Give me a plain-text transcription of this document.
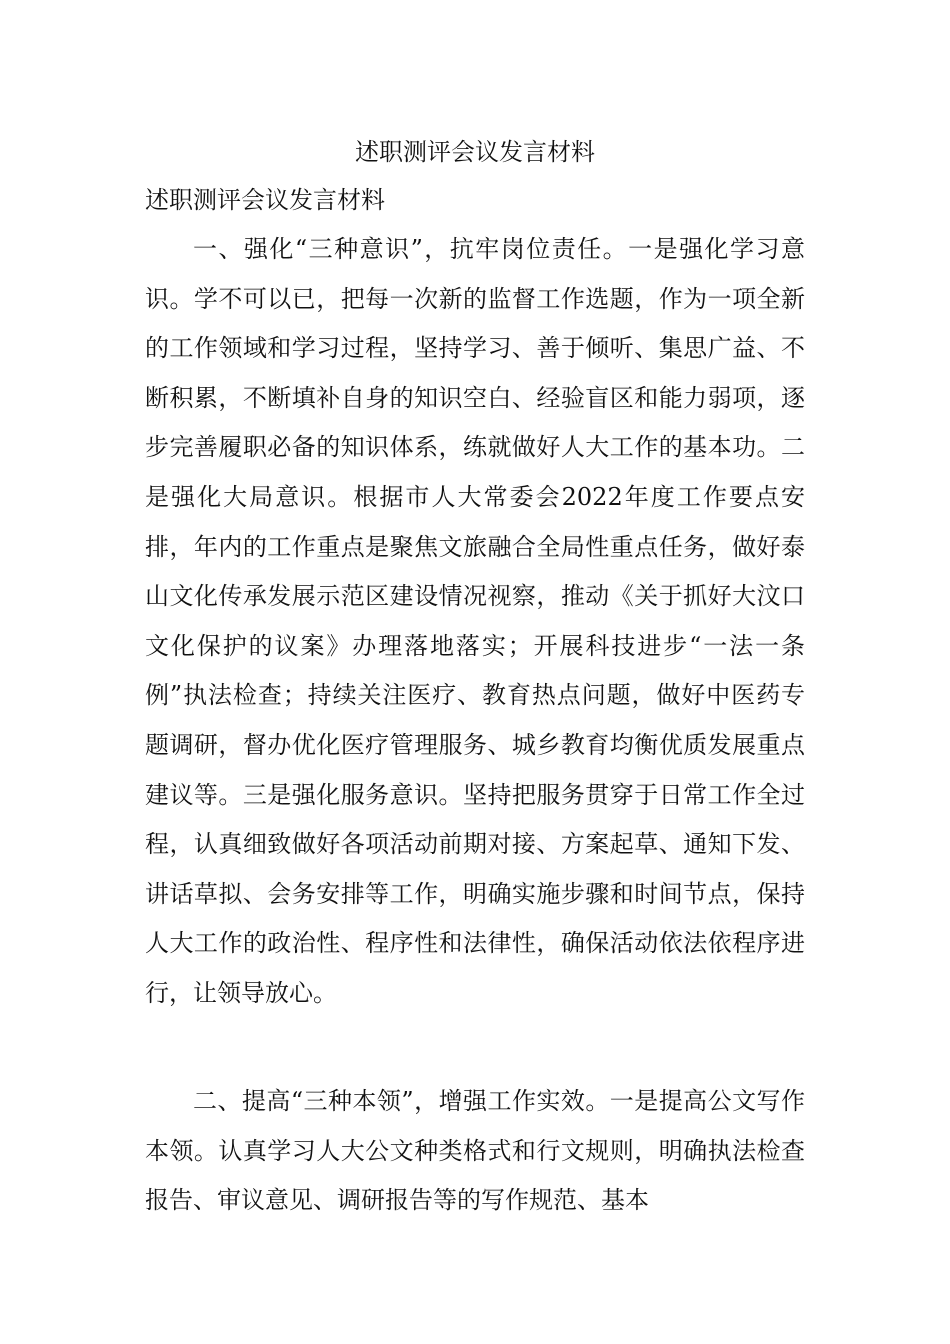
述职测评会议发言材料

述职测评会议发言材料

一、强化“三种意识”，抗牢岗位责任。一是强化学习意识。学不可以已，把每一次新的监督工作选题，作为一项全新的工作领域和学习过程，坚持学习、善于倾听、集思广益、不断积累，不断填补自身的知识空白、经验盲区和能力弱项，逐步完善履职必备的知识体系，练就做好人大工作的基本功。二是强化大局意识。根据市人大常委会2022年度工作要点安排，年内的工作重点是聚焦文旅融合全局性重点任务，做好泰山文化传承发展示范区建设情况视察，推动《关于抓好大汶口文化保护的议案》办理落地落实；开展科技进步“一法一条例”执法检查；持续关注医疗、教育热点问题，做好中医药专题调研，督办优化医疗管理服务、城乡教育均衡优质发展重点建议等。三是强化服务意识。坚持把服务贯穿于日常工作全过程，认真细致做好各项活动前期对接、方案起草、通知下发、讲话草拟、会务安排等工作，明确实施步骤和时间节点，保持人大工作的政治性、程序性和法律性，确保活动依法依程序进行，让领导放心。

二、提高“三种本领”，增强工作实效。一是提高公文写作本领。认真学习人大公文种类格式和行文规则，明确执法检查报告、审议意见、调研报告等的写作规范、基本
